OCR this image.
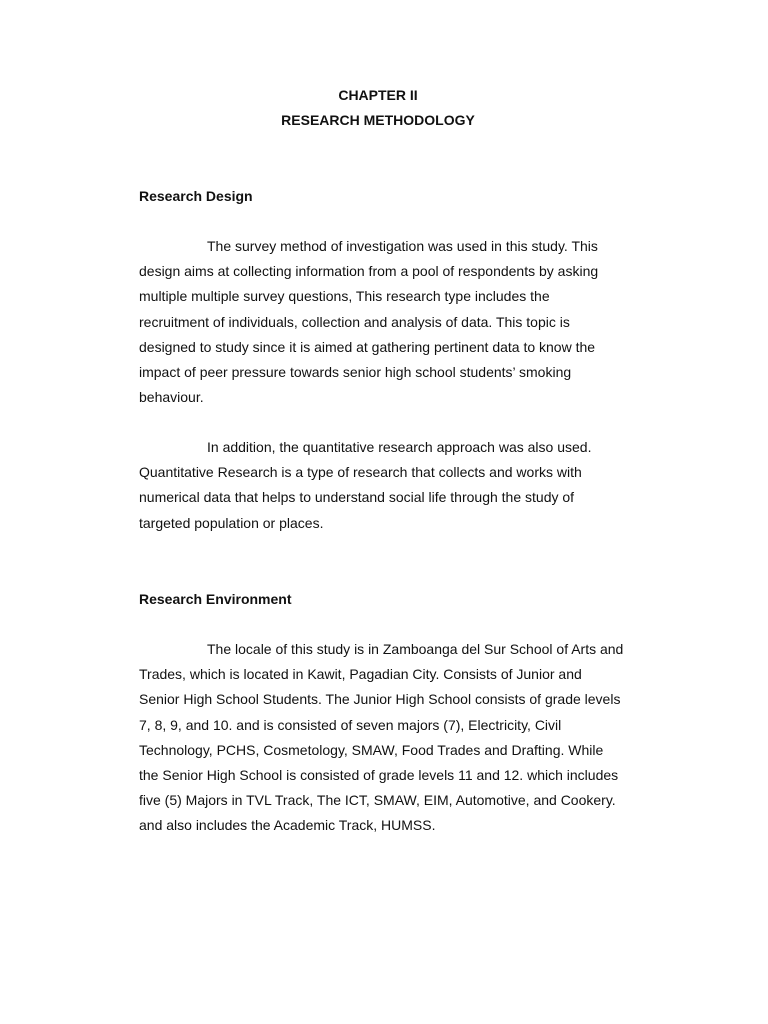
CHAPTER II
RESEARCH METHODOLOGY
Research Design
The survey method of investigation was used in this study. This
design aims at collecting information from a pool of respondents by asking
multiple multiple survey questions, This research type includes the
recruitment of individuals, collection and analysis of data. This topic is
designed to study since it is aimed at gathering pertinent data to know the
impact of peer pressure towards senior high school students’ smoking
behaviour.
In addition, the quantitative research approach was also used.
Quantitative Research is a type of research that collects and works with
numerical data that helps to understand social life through the study of
targeted population or places.
Research Environment
The locale of this study is in Zamboanga del Sur School of Arts and
Trades, which is located in Kawit, Pagadian City. Consists of Junior and
Senior High School Students. The Junior High School consists of grade levels
7, 8, 9, and 10. and is consisted of seven majors (7), Electricity, Civil
Technology, PCHS, Cosmetology, SMAW, Food Trades and Drafting. While
the Senior High School is consisted of grade levels 11 and 12. which includes
five (5) Majors in TVL Track, The ICT, SMAW, EIM, Automotive, and Cookery.
and also includes the Academic Track, HUMSS.
